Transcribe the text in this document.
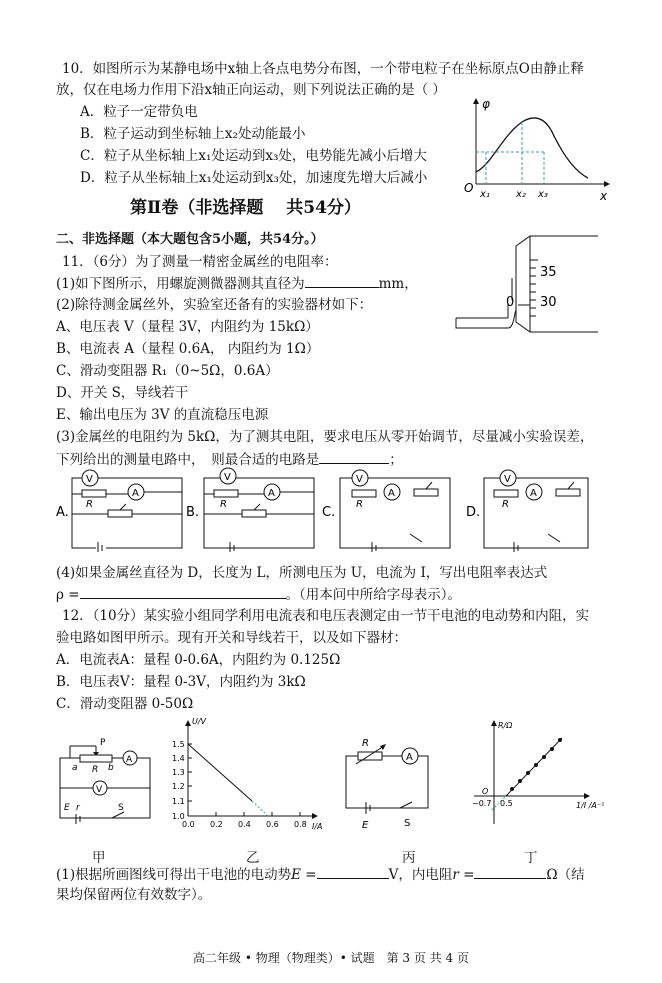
10．如图所示为某静电场中x轴上各点电势分布图，一个带电粒子在坐标原点O由静止释
放，仅在电场力作用下沿x轴正向运动，则下列说法正确的是（ ）
A．粒子一定带负电
B．粒子运动到坐标轴上x₂处动能最小
C．粒子从坐标轴上x₁处运动到x₃处，电势能先减小后增大
D．粒子从坐标轴上x₁处运动到x₃处，加速度先增大后减小
φ
O
x
x₁	x₂ x₃
第Ⅱ卷（非选择题　 共54分）
二、非选择题（本大题包含5小题，共54分。）
11．（6分）为了测量一精密金属丝的电阻率：
(1)如下图所示，用螺旋测微器测其直径为	mm，
(2)除待测金属丝外，实验室还备有的实验器材如下：
A、电压表 V（量程 3V，内阻约为 15kΩ）
B、电流表 A（量程 0.6A， 内阻约为 1Ω）
C、滑动变阻器 R₁（0~5Ω，0.6A）
D、开关 S，导线若干
E、输出电压为 3V 的直流稳压电源
(3)金属丝的电阻约为 5kΩ，为了测其电阻，要求电压从零开始调节，尽量减小实验误差，
下列给出的测量电路中，　则最合适的电路是	；
35
30
0
A.
V
A
R
B.
V
A
R
C.
V
A
R
D.
V
A
R
(4)如果金属丝直径为 D，长度为 L，所测电压为 U，电流为 I，写出电阻率表达式
ρ =	。（用本问中所给字母表示）。
12．（10分）某实验小组同学利用电流表和电压表测定由一节干电池的电动势和内阻，实
验电路如图甲所示。现有开关和导线若干，以及如下器材：
A．电流表A：量程 0-0.6A，内阻约为 0.125Ω
B．电压表V：量程 0-3V，内阻约为 3kΩ
C．滑动变阻器 0-50Ω
A
V
P
a R b
E r	S
U/V
I/A
1.5
1.4
1.3
1.2
1.1
1.0
0.0 0.2 0.4 0.6 0.8
A
R
E	S
R/Ω
O
−0.7 0.5	1/I /A⁻¹
甲	乙	丙	丁
(1)根据所画图线可得出干电池的电动势E =	V，内电阻r =	Ω（结
果均保留两位有效数字）。
高二年级 • 物理（物理类）• 试题　第 3 页 共 4 页
